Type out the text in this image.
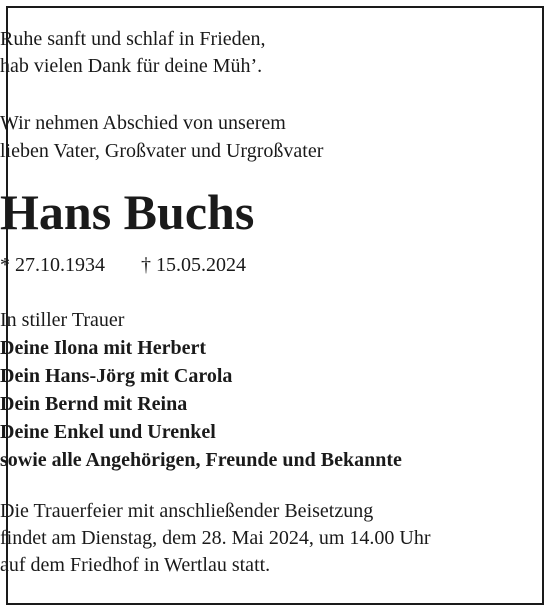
Ruhe sanft und schlaf in Frieden,
hab vielen Dank für deine Müh’.
Wir nehmen Abschied von unserem
lieben Vater, Großvater und Urgroßvater
Hans Buchs
* 27.10.1934 † 15.05.2024
In stiller Trauer
Deine Ilona mit Herbert
Dein Hans-Jörg mit Carola
Dein Bernd mit Reina
Deine Enkel und Urenkel
sowie alle Angehörigen, Freunde und Bekannte
Die Trauerfeier mit anschließender Beisetzung
findet am Dienstag, dem 28. Mai 2024, um 14.00 Uhr
auf dem Friedhof in Wertlau statt.
